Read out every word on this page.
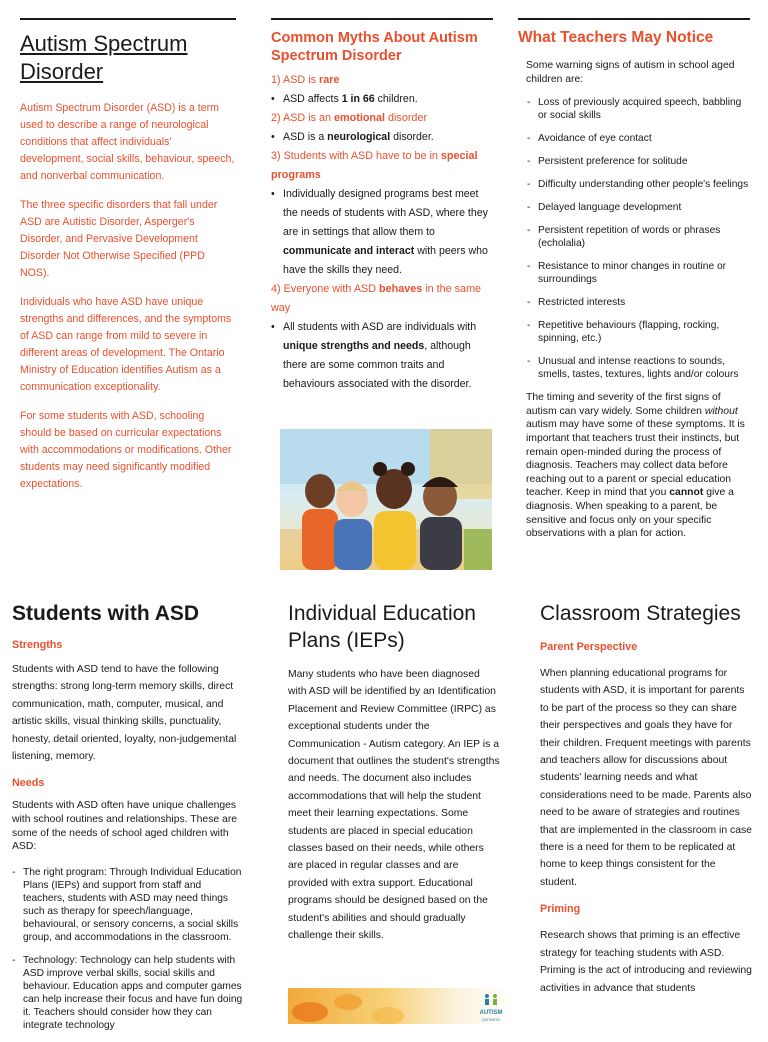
Autism Spectrum Disorder

Autism Spectrum Disorder (ASD) is a term used to describe a range of neurological conditions that affect individuals' development, social skills, behaviour, speech, and nonverbal communication.

The three specific disorders that fall under ASD are Autistic Disorder, Asperger's Disorder, and Pervasive Development Disorder Not Otherwise Specified (PPD NOS).

Individuals who have ASD have unique strengths and differences, and the symptoms of ASD can range from mild to severe in different areas of development. The Ontario Ministry of Education identifies Autism as a communication exceptionality.

For some students with ASD, schooling should be based on curricular expectations with accommodations or modifications. Other students may need significantly modified expectations.

Common Myths About Autism Spectrum Disorder
1) ASD is rare
• ASD affects 1 in 66 children.
2) ASD is an emotional disorder
• ASD is a neurological disorder.
3) Students with ASD have to be in special programs
• Individually designed programs best meet the needs of students with ASD, where they are in settings that allow them to communicate and interact with peers who have the skills they need.
4) Everyone with ASD behaves in the same way
• All students with ASD are individuals with unique strengths and needs, although there are some common traits and behaviours associated with the disorder.
What Teachers May Notice

Some warning signs of autism in school aged children are:

- Loss of previously acquired speech, babbling or social skills
- Avoidance of eye contact
- Persistent preference for solitude
- Difficulty understanding other people's feelings
- Delayed language development
- Persistent repetition of words or phrases (echolalia)
- Resistance to minor changes in routine or surroundings
- Restricted interests
- Repetitive behaviours (flapping, rocking, spinning, etc.)
- Unusual and intense reactions to sounds, smells, tastes, textures, lights and/or colours

The timing and severity of the first signs of autism can vary widely. Some children without autism may have some of these symptoms. It is important that teachers trust their instincts, but remain open-minded during the process of diagnosis. Teachers may collect data before reaching out to a parent or special education teacher. Keep in mind that you cannot give a diagnosis. When speaking to a parent, be sensitive and focus only on your specific observations with a plan for action.

Students with ASD

Strengths

Students with ASD tend to have the following strengths: strong long-term memory skills, direct communication, math, computer, musical, and artistic skills, visual thinking skills, punctuality, honesty, detail oriented, loyalty, non-judgemental listening, memory.

Needs

Students with ASD often have unique challenges with school routines and relationships. These are some of the needs of school aged children with ASD:

- The right program: Through Individual Education Plans (IEPs) and support from staff and teachers, students with ASD may need things such as therapy for speech/language, behavioural, or sensory concerns, a social skills group, and accommodations in the classroom.
- Technology: Technology can help students with ASD improve verbal skills, social skills and behaviour. Education apps and computer games can help increase their focus and have fun doing it. Teachers should consider how they can integrate technology
Individual Education Plans (IEPs)

Many students who have been diagnosed with ASD will be identified by an Identification Placement and Review Committee (IRPC) as exceptional students under the Communication - Autism category. An IEP is a document that outlines the student's strengths and needs. The document also includes accommodations that will help the student meet their learning expectations. Some students are placed in special education classes based on their needs, while others are placed in regular classes and are provided with extra support. Educational programs should be designed based on the student's abilities and should gradually challenge their skills.

AUTISM
ONTARIO
Classroom Strategies

Parent Perspective

When planning educational programs for students with ASD, it is important for parents to be part of the process so they can share their perspectives and goals they have for their children. Frequent meetings with parents and teachers allow for discussions about students' learning needs and what considerations need to be made. Parents also need to be aware of strategies and routines that are implemented in the classroom in case there is a need for them to be replicated at home to keep things consistent for the student.

Priming

Research shows that priming is an effective strategy for teaching students with ASD. Priming is the act of introducing and reviewing activities in advance that students
